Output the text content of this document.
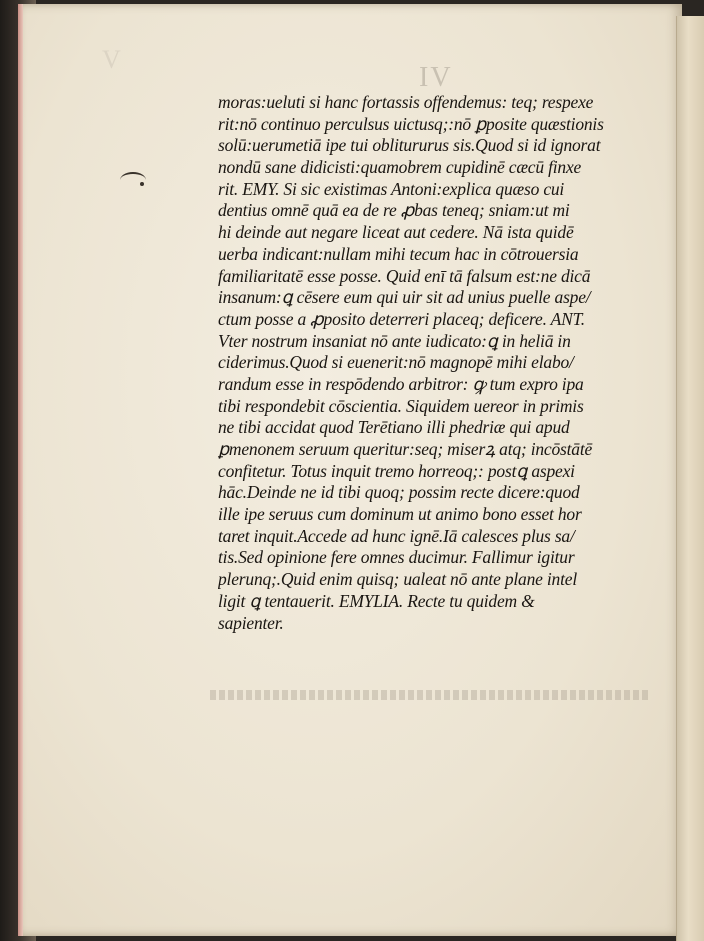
V
IV
moras:ueluti si hanc fortassis offendemus: teq; respexe
rit:nō continuo perculsus uictusq;:nō ꝑposite quæstionis
solū:uerumetiā ipe tui oblitururus sis.Quod si id ignorat
nondū sane didicisti:quamobrem cupidinē cæcū finxe
rit. EMY. Si sic existimas Antoni:explica quæso cui
dentius omnē quā ea de re ꝓbas teneq; sniam:ut mi
hi deinde aut negare liceat aut cedere. Nā ista quidē
uerba indicant:nullam mihi tecum hac in cōtrouersia
familiaritatē esse posse. Quid enī tā falsum est:ne dicā
insanum:ꝗ cēsere eum qui uir sit ad unius puelle aspe/
ctum posse a ꝓposito deterreri placeq; deficere. ANT.
Vter nostrum insaniat nō ante iudicato:ꝗ in heliā in
ciderimus.Quod si euenerit:nō magnopē mihi elabo/
randum esse in respōdendo arbitror: ꝙ tum expro ipa
tibi respondebit cōscientia. Siquidem uereor in primis
ne tibi accidat quod Terētiano illi phedriæ qui apud
ꝑmenonem seruum queritur:seq; miserꝝ atq; incōstātē
confitetur. Totus inquit tremo horreoq;: postꝗ aspexi
hāc.Deinde ne id tibi quoq; possim recte dicere:quod
ille ipe seruus cum dominum ut animo bono esset hor
taret inquit.Accede ad hunc ignē.Iā calesces plus sa/
tis.Sed opinione fere omnes ducimur. Fallimur igitur
plerunq;.Quid enim quisq; ualeat nō ante plane intel
ligit ꝗ tentauerit. EMYLIA. Recte tu quidem &
sapienter.
